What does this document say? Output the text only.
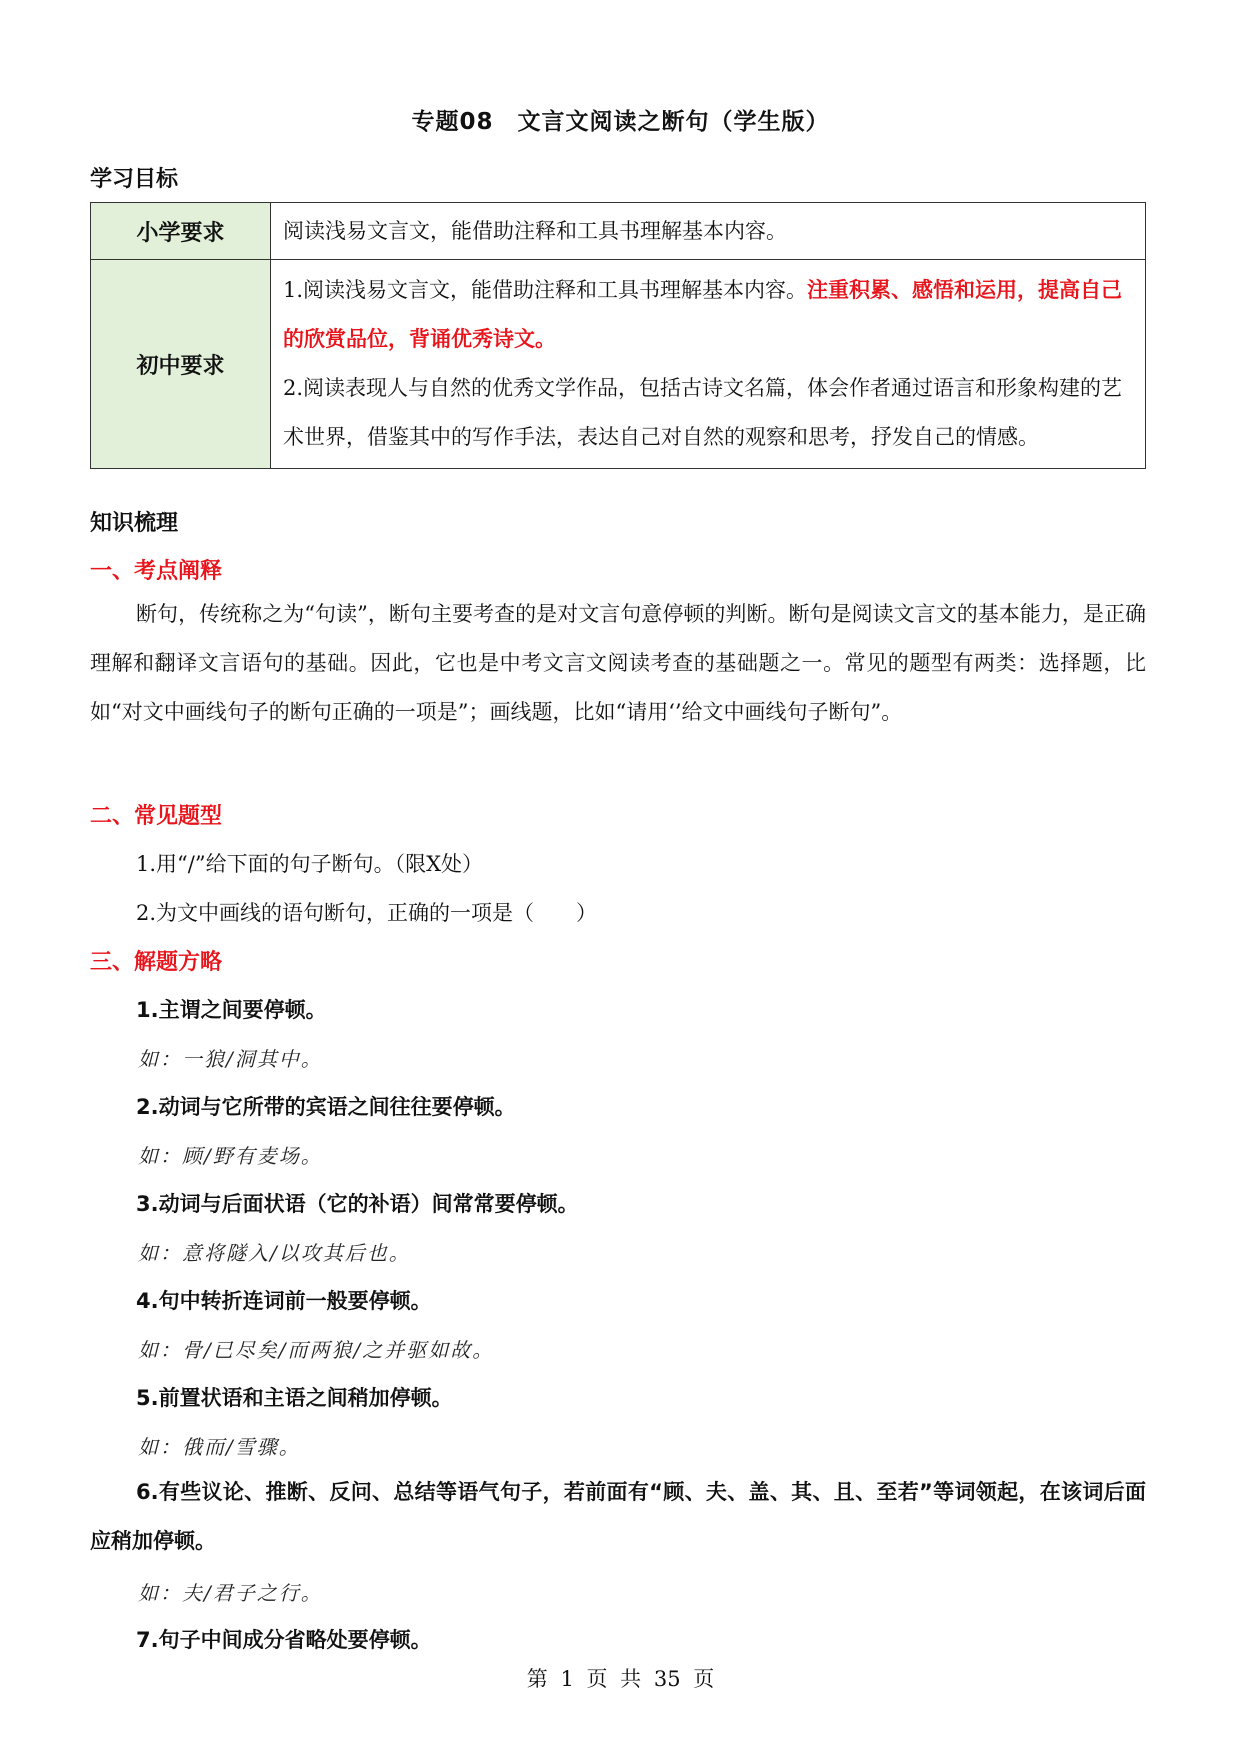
专题08　文言文阅读之断句（学生版）
学习目标
小学要求	阅读浅易文言文，能借助注释和工具书理解基本内容。
初中要求	1.阅读浅易文言文，能借助注释和工具书理解基本内容。注重积累、感悟和运用，提高自己的欣赏品位，背诵优秀诗文。
2.阅读表现人与自然的优秀文学作品，包括古诗文名篇，体会作者通过语言和形象构建的艺术世界，借鉴其中的写作手法，表达自己对自然的观察和思考，抒发自己的情感。
知识梳理
一、考点阐释
断句，传统称之为“句读”，断句主要考查的是对文言句意停顿的判断。断句是阅读文言文的基本能力，是正确理解和翻译文言语句的基础。因此，它也是中考文言文阅读考查的基础题之一。常见的题型有两类：选择题，比如“对文中画线句子的断句正确的一项是”；画线题，比如“请用‘’给文中画线句子断句”。
二、常见题型
1.用“/”给下面的句子断句。（限X处）
2.为文中画线的语句断句，正确的一项是（　　）
三、解题方略
1.主谓之间要停顿。
如：一狼/洞其中。
2.动词与它所带的宾语之间往往要停顿。
如：顾/野有麦场。
3.动词与后面状语（它的补语）间常常要停顿。
如：意将隧入/以攻其后也。
4.句中转折连词前一般要停顿。
如：骨/已尽矣/而两狼/之并驱如故。
5.前置状语和主语之间稍加停顿。
如：俄而/雪骤。
6.有些议论、推断、反问、总结等语气句子，若前面有“顾、夫、盖、其、且、至若”等词领起，在该词后面应稍加停顿。
如：夫/君子之行。
7.句子中间成分省略处要停顿。
第 1 页 共 35 页
